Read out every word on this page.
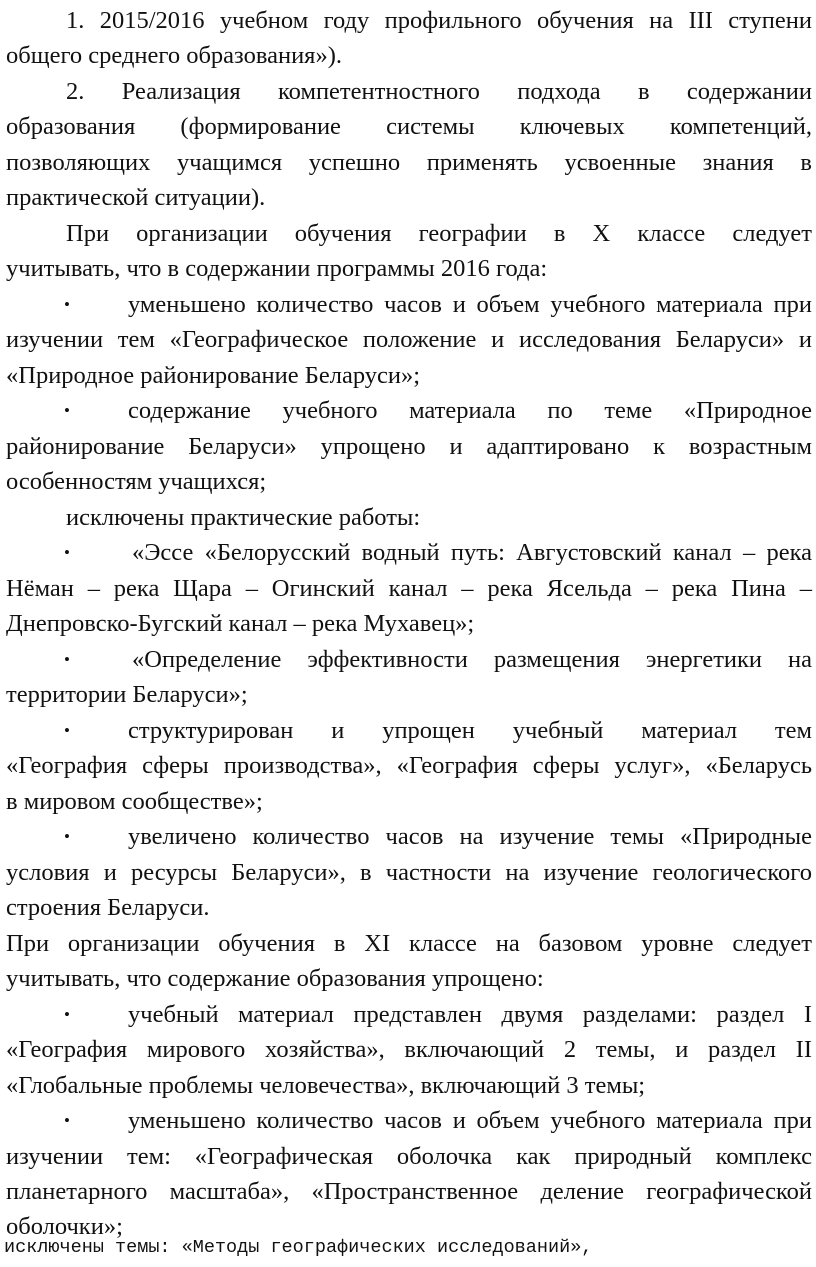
1. 2015/2016 учебном году профильного обучения на III ступени
общего среднего образования»).
2. Реализация компетентностного подхода в содержании
образования (формирование системы ключевых компетенций,
позволяющих учащимся успешно применять усвоенные знания в
практической ситуации).
При организации обучения географии в X классе следует
учитывать, что в содержании программы 2016 года:
• уменьшено количество часов и объем учебного материала при
изучении тем «Географическое положение и исследования Беларуси» и
«Природное районирование Беларуси»;
• содержание учебного материала по теме «Природное
районирование Беларуси» упрощено и адаптировано к возрастным
особенностям учащихся;
исключены практические работы:
•	«Эссе «Белорусский водный путь: Августовский канал – река
Нёман – река Щара – Огинский канал – река Ясельда – река Пина –
Днепровско-Бугский канал – река Мухавец»;
•	«Определение эффективности размещения энергетики на
территории Беларуси»;
• структурирован и упрощен учебный материал тем
«География сферы производства», «География сферы услуг», «Беларусь
в мировом сообществе»;
• увеличено количество часов на изучение темы «Природные
условия и ресурсы Беларуси», в частности на изучение геологического
строения Беларуси.
При организации обучения в XI классе на базовом уровне следует
учитывать, что содержание образования упрощено:
• учебный материал представлен двумя разделами: раздел I
«География мирового хозяйства», включающий 2 темы, и раздел II
«Глобальные проблемы человечества», включающий 3 темы;
• уменьшено количество часов и объем учебного материала при
изучении тем: «Географическая оболочка как природный комплекс
планетарного масштаба», «Пространственное деление географической
оболочки»;
исключены темы: «Методы географических исследований»,
